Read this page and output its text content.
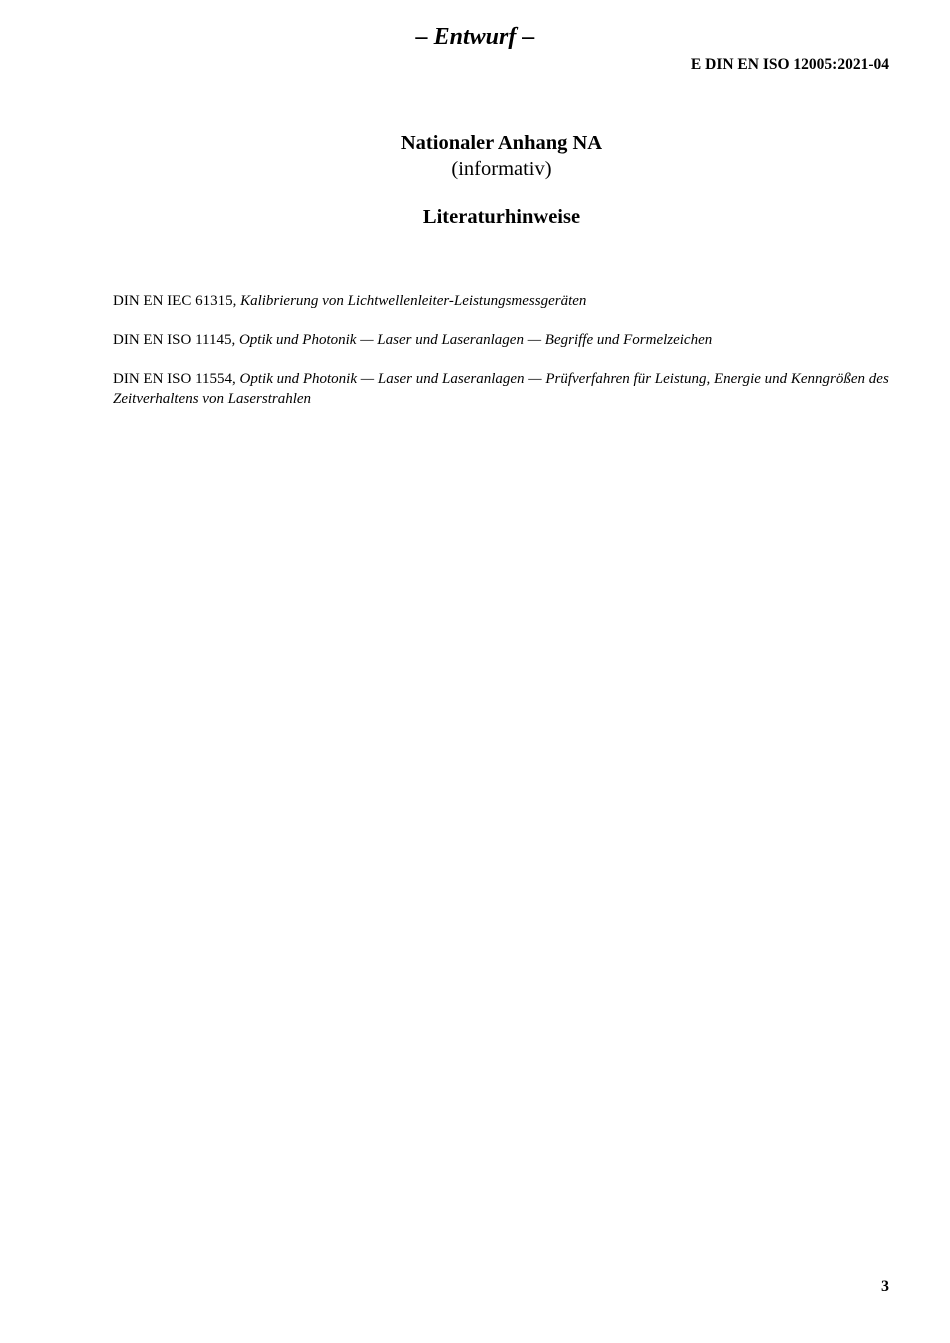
– Entwurf –
E DIN EN ISO 12005:2021-04
Nationaler Anhang NA
(informativ)
Literaturhinweise
DIN EN IEC 61315, Kalibrierung von Lichtwellenleiter-Leistungsmessgeräten
DIN EN ISO 11145, Optik und Photonik — Laser und Laseranlagen — Begriffe und Formelzeichen
DIN EN ISO 11554, Optik und Photonik — Laser und Laseranlagen — Prüfverfahren für Leistung, Energie und Kenngrößen des Zeitverhaltens von Laserstrahlen
3
